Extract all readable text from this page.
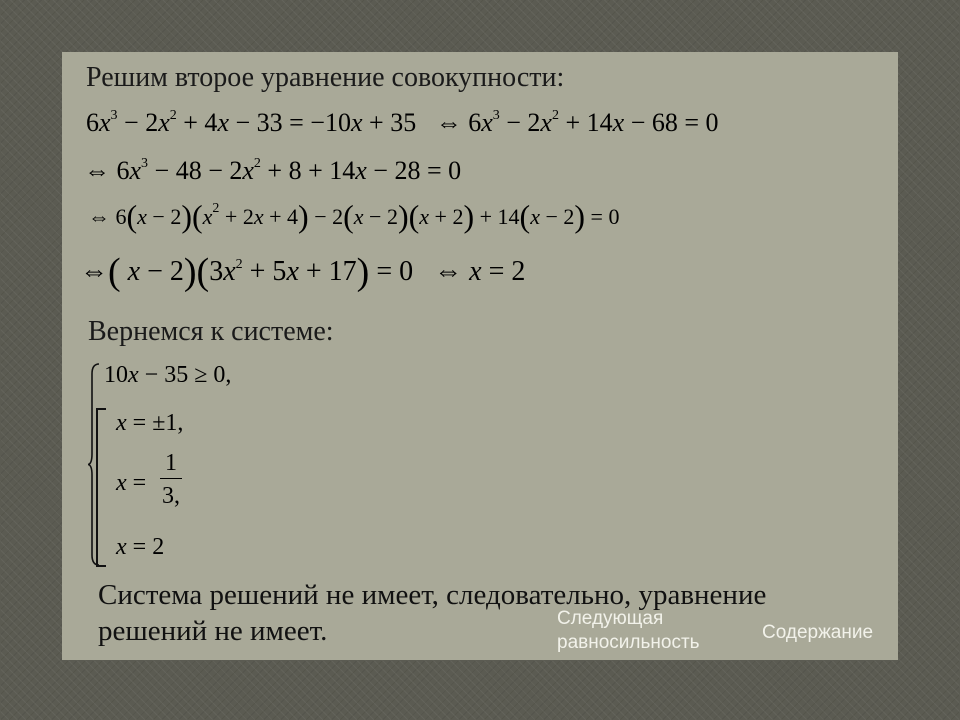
Решим второе уравнение совокупности:
$6x^3 - 2x^2 + 4x - 33 = -10x + 35$   ⇔ $6x^3 - 2x^2 + 14x - 68 = 0$
⇔ $6x^3 - 48 - 2x^2 + 8 + 14x - 28 = 0$
⇔ $6(x - 2)(x^2 + 2x + 4) - 2(x - 2)(x + 2) + 14(x - 2) = 0$
⇔( $x - 2)(3x^2 + 5x + 17) = 0$   ⇔ x = 2
Вернемся к системе:
10x − 35 ≥ 0,
x = ±1,
$x = \frac{1}{3,}$
x = 2
Система решений не имеет, следовательно, уравнение
решений не имеет.	Следующая
равносильность	Содержание
